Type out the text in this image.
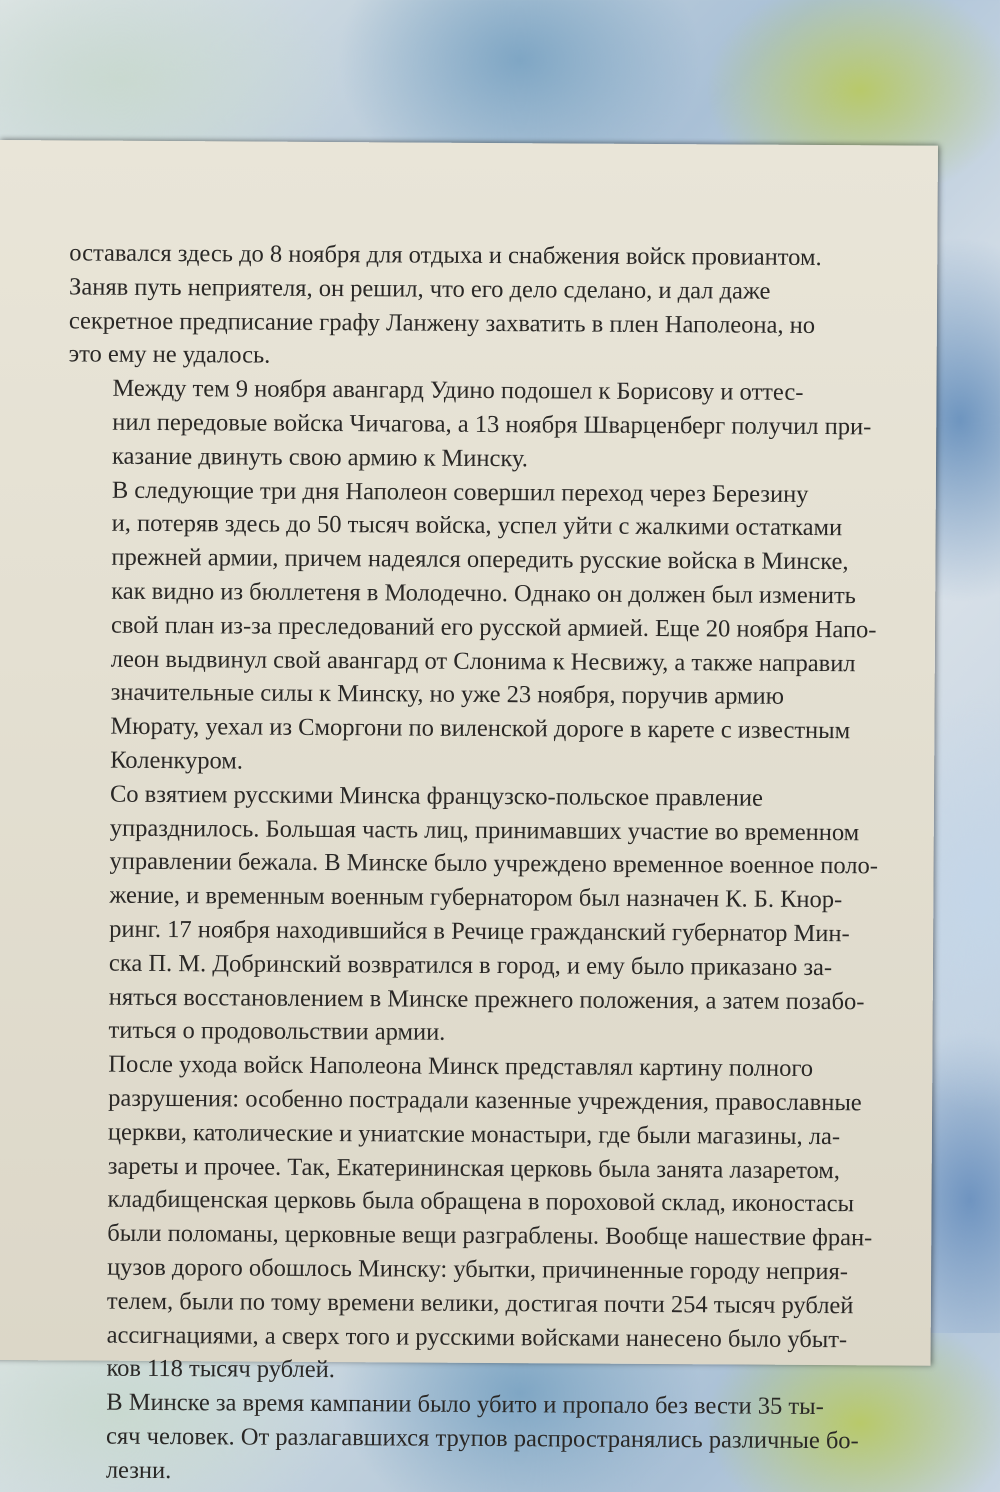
оставался здесь до 8 ноября для отдыха и снабжения войск провиантом.
Заняв путь неприятеля, он решил, что его дело сделано, и дал даже
секретное предписание графу Ланжену захватить в плен Наполеона, но
это ему не удалось.
Между тем 9 ноября авангард Удино подошел к Борисову и оттес-
нил передовые войска Чичагова, а 13 ноября Шварценберг получил при-
казание двинуть свою армию к Минску.
В следующие три дня Наполеон совершил переход через Березину
и, потеряв здесь до 50 тысяч войска, успел уйти с жалкими остатками
прежней армии, причем надеялся опередить русские войска в Минске,
как видно из бюллетеня в Молодечно. Однако он должен был изменить
свой план из-за преследований его русской армией. Еще 20 ноября Напо-
леон выдвинул свой авангард от Слонима к Несвижу, а также направил
значительные силы к Минску, но уже 23 ноября, поручив армию
Мюрату, уехал из Сморгони по виленской дороге в карете с известным
Коленкуром.
Со взятием русскими Минска французско-польское правление
упразднилось. Большая часть лиц, принимавших участие во временном
управлении бежала. В Минске было учреждено временное военное поло-
жение, и временным военным губернатором был назначен К. Б. Кнор-
ринг. 17 ноября находившийся в Речице гражданский губернатор Мин-
ска П. М. Добринский возвратился в город, и ему было приказано за-
няться восстановлением в Минске прежнего положения, а затем позабо-
титься о продовольствии армии.
После ухода войск Наполеона Минск представлял картину полного
разрушения: особенно пострадали казенные учреждения, православные
церкви, католические и униатские монастыри, где были магазины, ла-
зареты и прочее. Так, Екатерининская церковь была занята лазаретом,
кладбищенская церковь была обращена в пороховой склад, иконостасы
были поломаны, церковные вещи разграблены. Вообще нашествие фран-
цузов дорого обошлось Минску: убытки, причиненные городу неприя-
телем, были по тому времени велики, достигая почти 254 тысяч рублей
ассигнациями, а сверх того и русскими войсками нанесено было убыт-
ков 118 тысяч рублей.
В Минске за время кампании было убито и пропало без вести 35 ты-
сяч человек. От разлагавшихся трупов распространялись различные бо-
лезни.
